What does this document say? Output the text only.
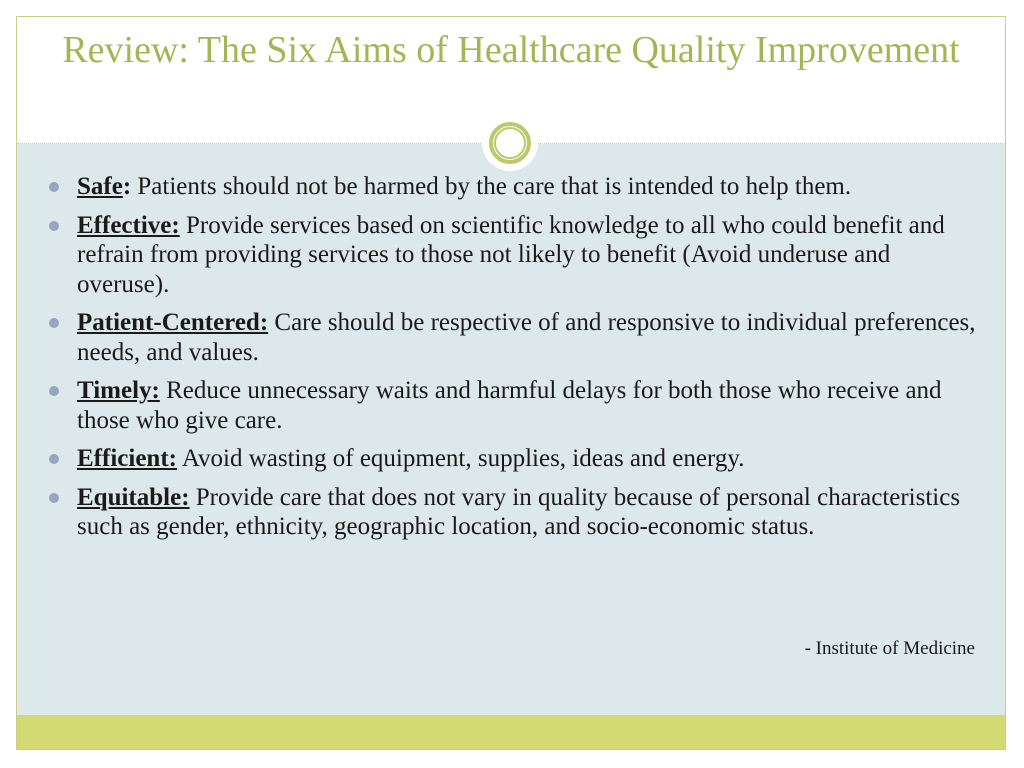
Review: The Six Aims of Healthcare Quality Improvement
Safe: Patients should not be harmed by the care that is intended to help them.
Effective: Provide services based on scientific knowledge to all who could benefit and refrain from providing services to those not likely to benefit (Avoid underuse and overuse).
Patient-Centered: Care should be respective of and responsive to individual preferences, needs, and values.
Timely: Reduce unnecessary waits and harmful delays for both those who receive and those who give care.
Efficient: Avoid wasting of equipment, supplies, ideas and energy.
Equitable: Provide care that does not vary in quality because of personal characteristics such as gender, ethnicity, geographic location, and socio-economic status.
- Institute of Medicine
